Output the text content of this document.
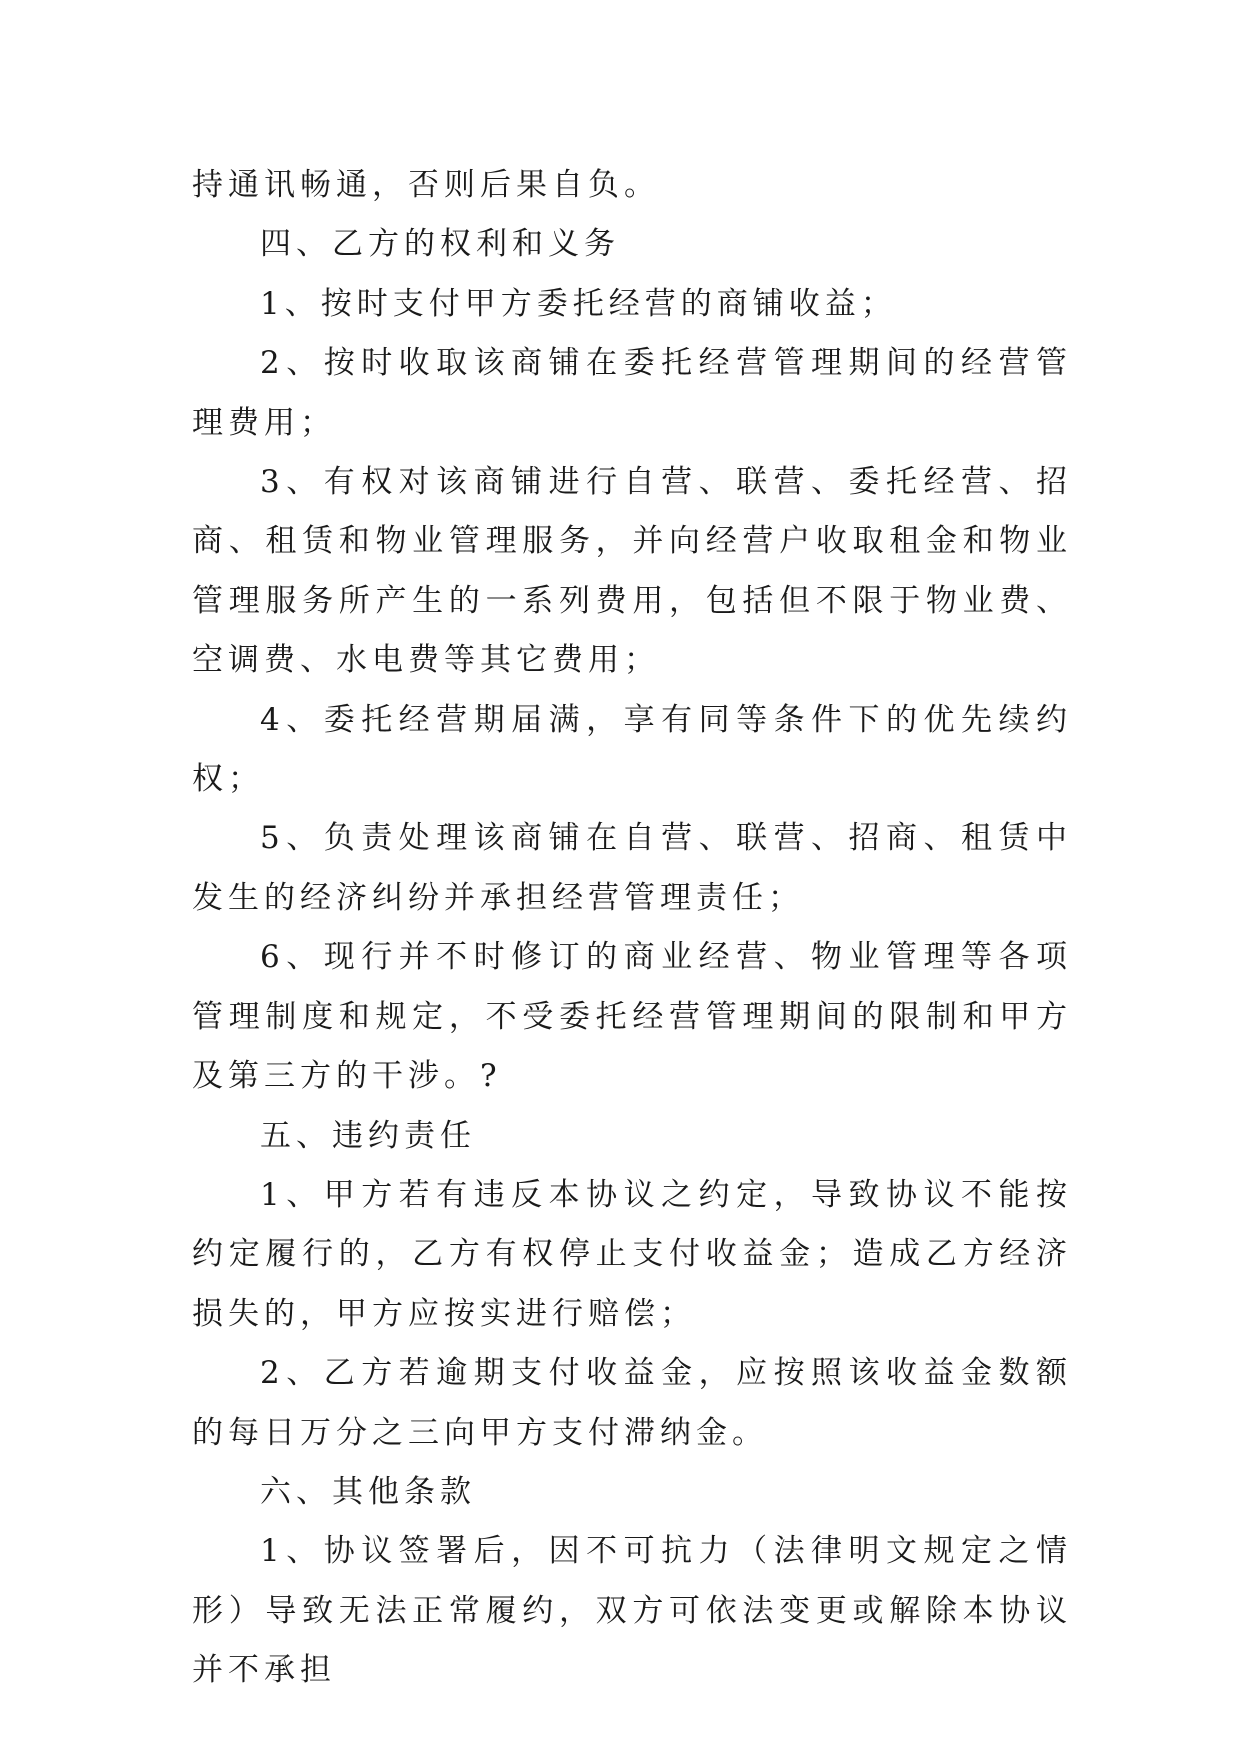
持通讯畅通，否则后果自负。

四、乙方的权利和义务

1、按时支付甲方委托经营的商铺收益；

2、按时收取该商铺在委托经营管理期间的经营管理费用；

3、有权对该商铺进行自营、联营、委托经营、招商、租赁和物业管理服务，并向经营户收取租金和物业管理服务所产生的一系列费用，包括但不限于物业费、空调费、水电费等其它费用；

4、委托经营期届满，享有同等条件下的优先续约权；

5、负责处理该商铺在自营、联营、招商、租赁中发生的经济纠纷并承担经营管理责任；

6、现行并不时修订的商业经营、物业管理等各项管理制度和规定，不受委托经营管理期间的限制和甲方及第三方的干涉。?

五、违约责任

1、甲方若有违反本协议之约定，导致协议不能按约定履行的，乙方有权停止支付收益金；造成乙方经济损失的，甲方应按实进行赔偿；

2、乙方若逾期支付收益金，应按照该收益金数额的每日万分之三向甲方支付滞纳金。

六、其他条款

1、协议签署后，因不可抗力（法律明文规定之情形）导致无法正常履约，双方可依法变更或解除本协议并不承担
